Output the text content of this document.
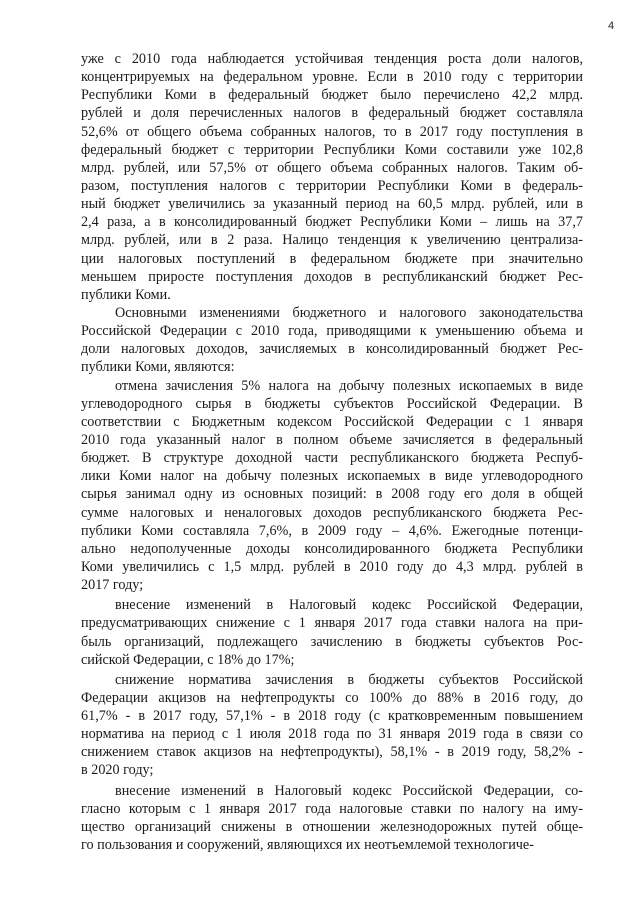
4
уже с 2010 года наблюдается устойчивая тенденция роста доли налогов,
концентрируемых на федеральном уровне. Если в 2010 году с территории
Республики Коми в федеральный бюджет было перечислено 42,2 млрд.
рублей и доля перечисленных налогов в федеральный бюджет составляла
52,6% от общего объема собранных налогов, то в 2017 году поступления в
федеральный бюджет с территории Республики Коми составили уже 102,8
млрд. рублей, или 57,5% от общего объема собранных налогов. Таким об-
разом, поступления налогов с территории Республики Коми в федераль-
ный бюджет увеличились за указанный период на 60,5 млрд. рублей, или в
2,4 раза, а в консолидированный бюджет Республики Коми – лишь на 37,7
млрд. рублей, или в 2 раза. Налицо тенденция к увеличению централиза-
ции налоговых поступлений в федеральном бюджете при значительно
меньшем приросте поступления доходов в республиканский бюджет Рес-
публики Коми.
Основными изменениями бюджетного и налогового законодательства
Российской Федерации с 2010 года, приводящими к уменьшению объема и
доли налоговых доходов, зачисляемых в консолидированный бюджет Рес-
публики Коми, являются:
отмена зачисления 5% налога на добычу полезных ископаемых в виде
углеводородного сырья в бюджеты субъектов Российской Федерации. В
соответствии с Бюджетным кодексом Российской Федерации с 1 января
2010 года указанный налог в полном объеме зачисляется в федеральный
бюджет. В структуре доходной части республиканского бюджета Респуб-
лики Коми налог на добычу полезных ископаемых в виде углеводородного
сырья занимал одну из основных позиций: в 2008 году его доля в общей
сумме налоговых и неналоговых доходов республиканского бюджета Рес-
публики Коми составляла 7,6%, в 2009 году – 4,6%. Ежегодные потенци-
ально недополученные доходы консолидированного бюджета Республики
Коми увеличились с 1,5 млрд. рублей в 2010 году до 4,3 млрд. рублей в
2017 году;
внесение изменений в Налоговый кодекс Российской Федерации,
предусматривающих снижение с 1 января 2017 года ставки налога на при-
быль организаций, подлежащего зачислению в бюджеты субъектов Рос-
сийской Федерации, с 18% до 17%;
снижение норматива зачисления в бюджеты субъектов Российской
Федерации акцизов на нефтепродукты со 100% до 88% в 2016 году, до
61,7% - в 2017 году, 57,1% - в 2018 году (с кратковременным повышением
норматива на период с 1 июля 2018 года по 31 января 2019 года в связи со
снижением ставок акцизов на нефтепродукты), 58,1% - в 2019 году, 58,2% -
в 2020 году;
внесение изменений в Налоговый кодекс Российской Федерации, со-
гласно которым с 1 января 2017 года налоговые ставки по налогу на иму-
щество организаций снижены в отношении железнодорожных путей обще-
го пользования и сооружений, являющихся их неотъемлемой технологиче-
